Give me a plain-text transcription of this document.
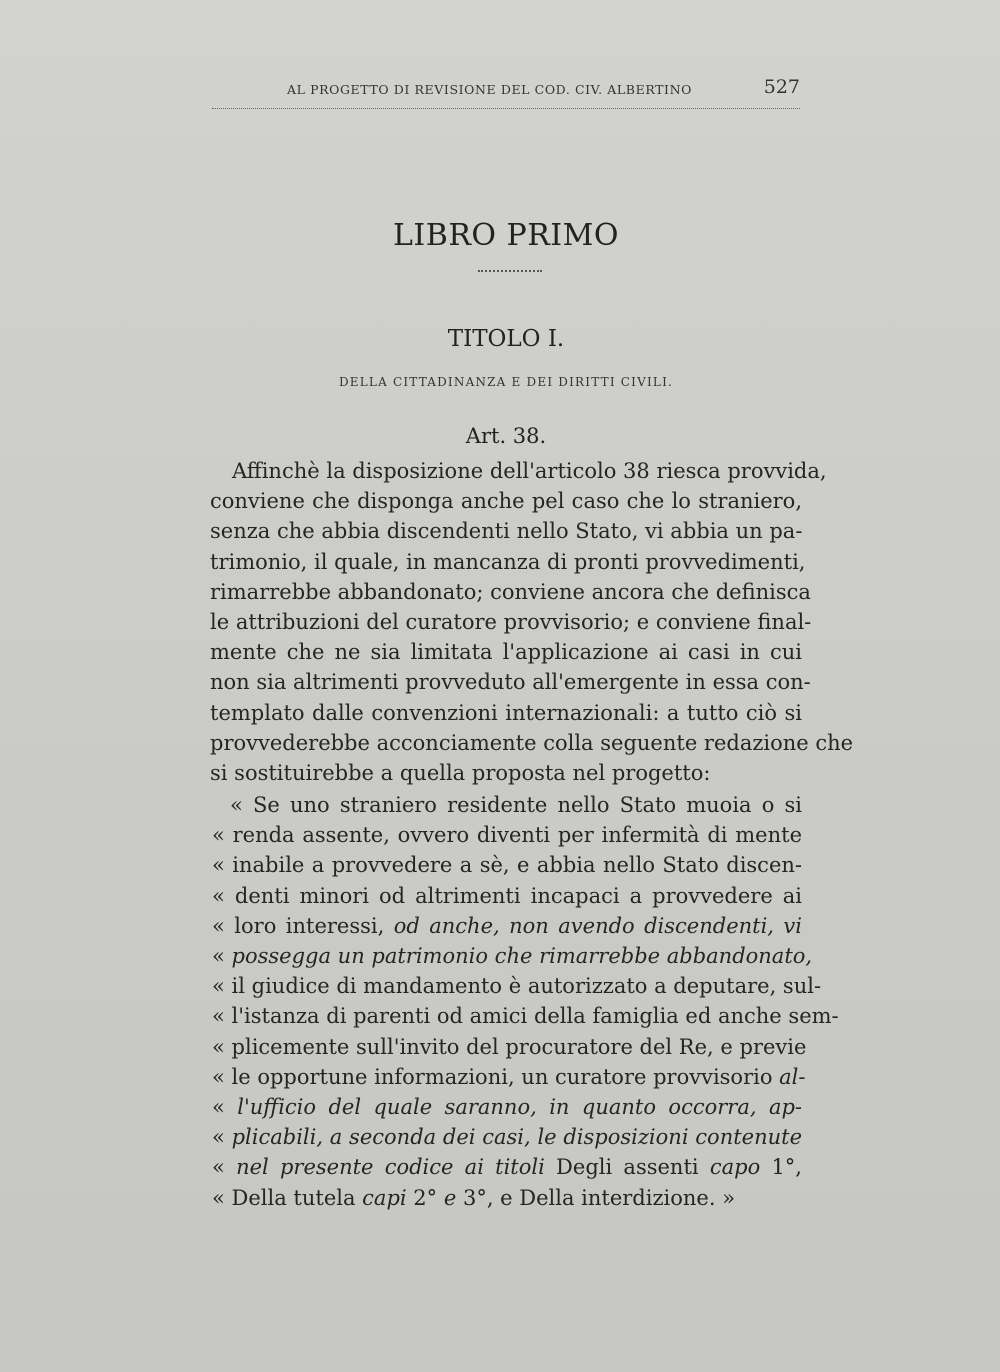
AL PROGETTO DI REVISIONE DEL COD. CIV. ALBERTINO	527
LIBRO PRIMO
TITOLO I.
DELLA CITTADINANZA E DEI DIRITTI CIVILI.
Art. 38.
Affinchè la disposizione dell'articolo 38 riesca provvida,
conviene che disponga anche pel caso che lo straniero,
senza che abbia discendenti nello Stato, vi abbia un pa-
trimonio, il quale, in mancanza di pronti provvedimenti,
rimarrebbe abbandonato; conviene ancora che definisca
le attribuzioni del curatore provvisorio; e conviene final-
mente che ne sia limitata l'applicazione ai casi in cui
non sia altrimenti provveduto all'emergente in essa con-
templato dalle convenzioni internazionali: a tutto ciò si
provvederebbe acconciamente colla seguente redazione che
si sostituirebbe a quella proposta nel progetto:
« Se uno straniero residente nello Stato muoia o si
« renda assente, ovvero diventi per infermità di mente
« inabile a provvedere a sè, e abbia nello Stato discen-
« denti minori od altrimenti incapaci a provvedere ai
« loro interessi, od anche, non avendo discendenti, vi
« possegga un patrimonio che rimarrebbe abbandonato,
« il giudice di mandamento è autorizzato a deputare, sul-
« l'istanza di parenti od amici della famiglia ed anche sem-
« plicemente sull'invito del procuratore del Re, e previe
« le opportune informazioni, un curatore provvisorio al-
« l'ufficio del quale saranno, in quanto occorra, ap-
« plicabili, a seconda dei casi, le disposizioni contenute
« nel presente codice ai titoli Degli assenti capo 1°,
« Della tutela capi 2° e 3°, e Della interdizione. »
